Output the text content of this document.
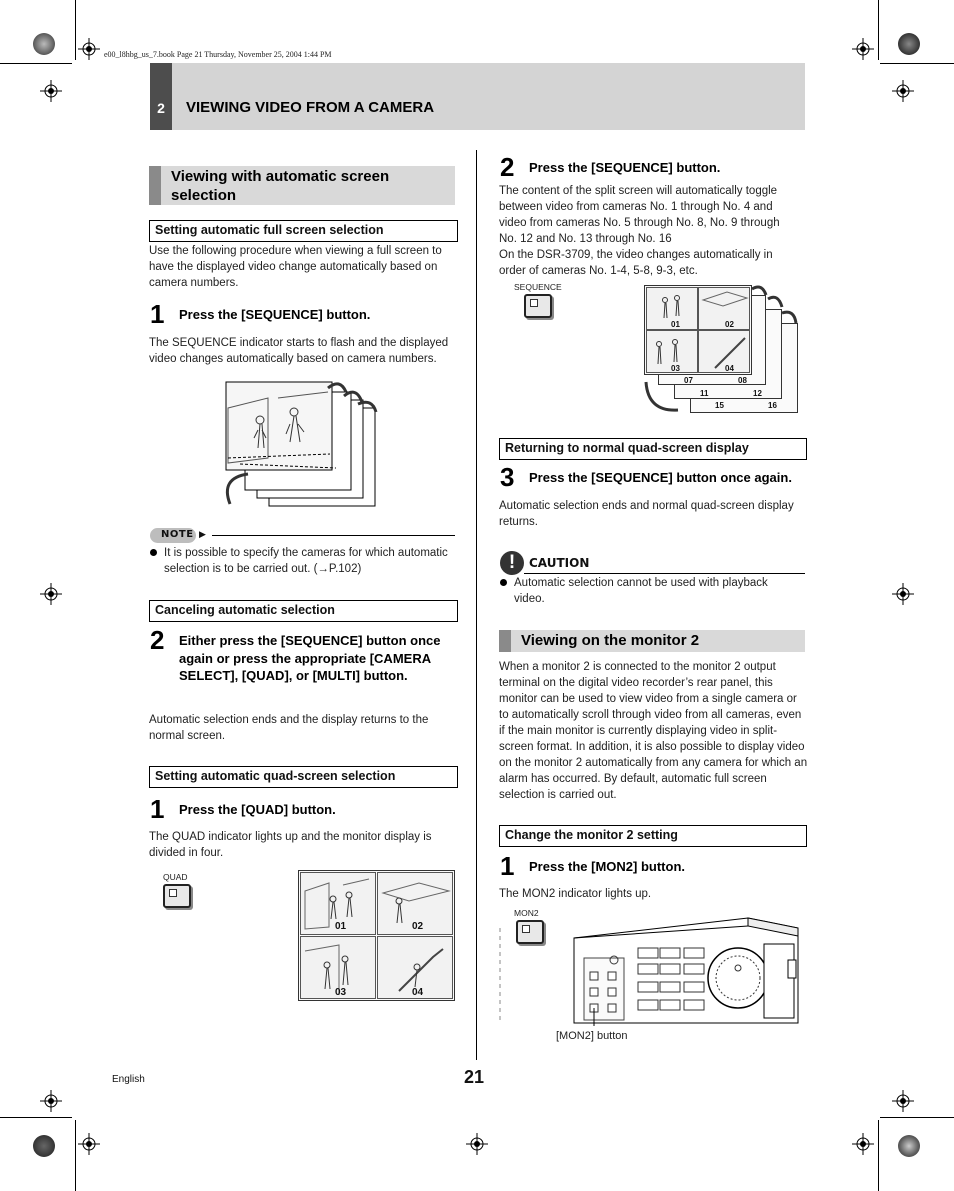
e00_l8hbg_us_7.book Page 21 Thursday, November 25, 2004 1:44 PM
2	VIEWING VIDEO FROM A CAMERA
Viewing with automatic screen selection
Setting automatic full screen selection
Use the following procedure when viewing a full screen to have the displayed video change automatically based on camera numbers.
1 Press the [SEQUENCE] button.
The SEQUENCE indicator starts to flash and the displayed video changes automatically based on camera numbers.
NOTE ▶
It is possible to specify the cameras for which automatic selection is to be carried out. (→P.102)
Canceling automatic selection
2 Either press the [SEQUENCE] button once again or press the appropriate [CAMERA SELECT], [QUAD], or [MULTI] button.
Automatic selection ends and the display returns to the normal screen.
Setting automatic quad-screen selection
1 Press the [QUAD] button.
The QUAD indicator lights up and the monitor display is divided in four.
QUAD
01	02
03	04
2 Press the [SEQUENCE] button.
The content of the split screen will automatically toggle between video from cameras No. 1 through No. 4 and video from cameras No. 5 through No. 8, No. 9 through No. 12 and No. 13 through No. 16
On the DSR-3709, the video changes automatically in order of cameras No. 1-4, 5-8, 9-3, etc.
SEQUENCE
01	02
03	04
07	08
11	12
15	16
Returning to normal quad-screen display
3 Press the [SEQUENCE] button once again.
Automatic selection ends and normal quad-screen display returns.
!	CAUTION
Automatic selection cannot be used with playback video.
Viewing on the monitor 2
When a monitor 2 is connected to the monitor 2 output terminal on the digital video recorder’s rear panel, this monitor can be used to view video from a single camera or to automatically scroll through video from all cameras, even if the main monitor is currently displaying video in split-screen format. In addition, it is also possible to display video on the monitor 2 automatically from any camera for which an alarm has occurred. By default, automatic full screen selection is carried out.
Change the monitor 2 setting
1 Press the [MON2] button.
The MON2 indicator lights up.
MON2
[MON2] button
English	21
